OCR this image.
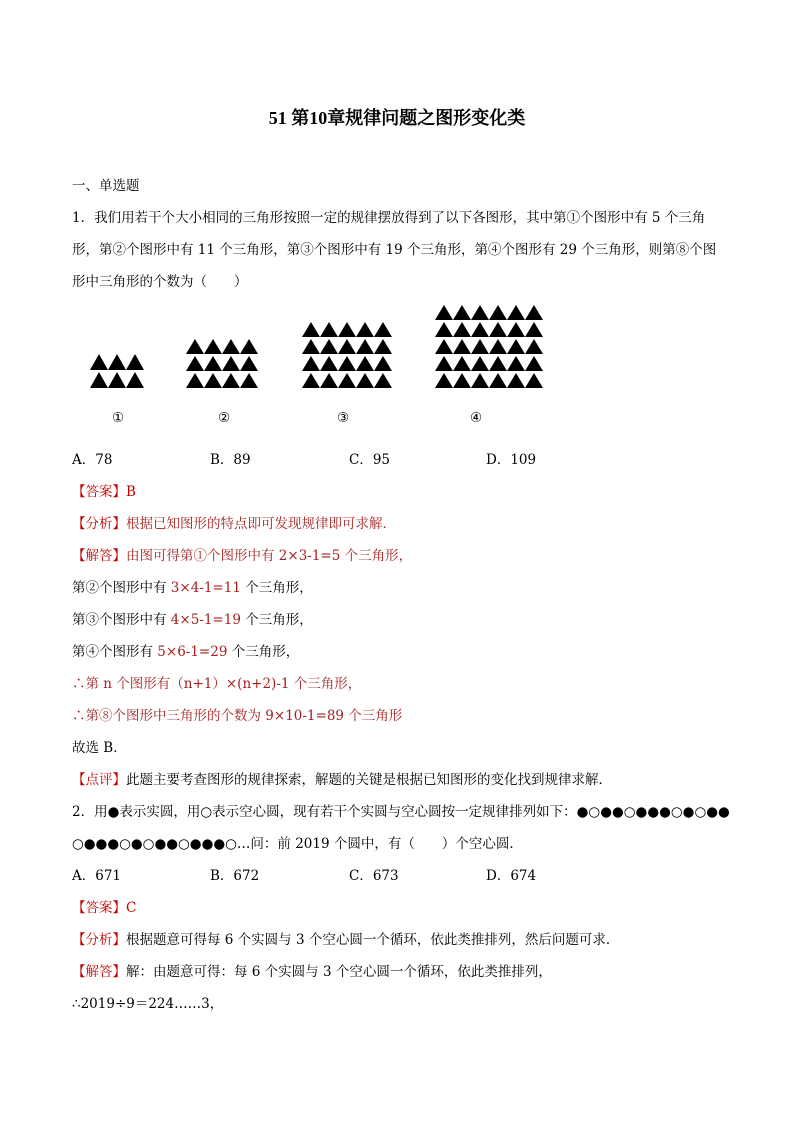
51 第10章规律问题之图形变化类
一、单选题
1．我们用若干个大小相同的三角形按照一定的规律摆放得到了以下各图形，其中第①个图形中有 5 个三角
形，第②个图形中有 11 个三角形，第③个图形中有 19 个三角形，第④个图形有 29 个三角形，则第⑧个图
形中三角形的个数为（　　）
①	②	③	④
A．78	B．89	C．95	D．109
【答案】B
【分析】根据已知图形的特点即可发现规律即可求解．
【解答】由图可得第①个图形中有 2×3-1=5 个三角形，
第②个图形中有 3×4-1=11 个三角形，
第③个图形中有 4×5-1=19 个三角形，
第④个图形有 5×6-1=29 个三角形，
∴第 n 个图形有（n+1）×(n+2)-1 个三角形，
∴第⑧个图形中三角形的个数为 9×10-1=89 个三角形
故选 B．
【点评】此题主要考查图形的规律探索，解题的关键是根据已知图形的变化找到规律求解．
2．用●表示实圆，用○表示空心圆，现有若干个实圆与空心圆按一定规律排列如下：●○●●○●●●○●○●●
○●●●○●○●●○●●●○…问：前 2019 个圆中，有（　　）个空心圆．
A．671	B．672	C．673	D．674
【答案】C
【分析】根据题意可得每 6 个实圆与 3 个空心圆一个循环，依此类推排列，然后问题可求．
【解答】解：由题意可得：每 6 个实圆与 3 个空心圆一个循环，依此类推排列，
∴2019÷9＝224……3，
